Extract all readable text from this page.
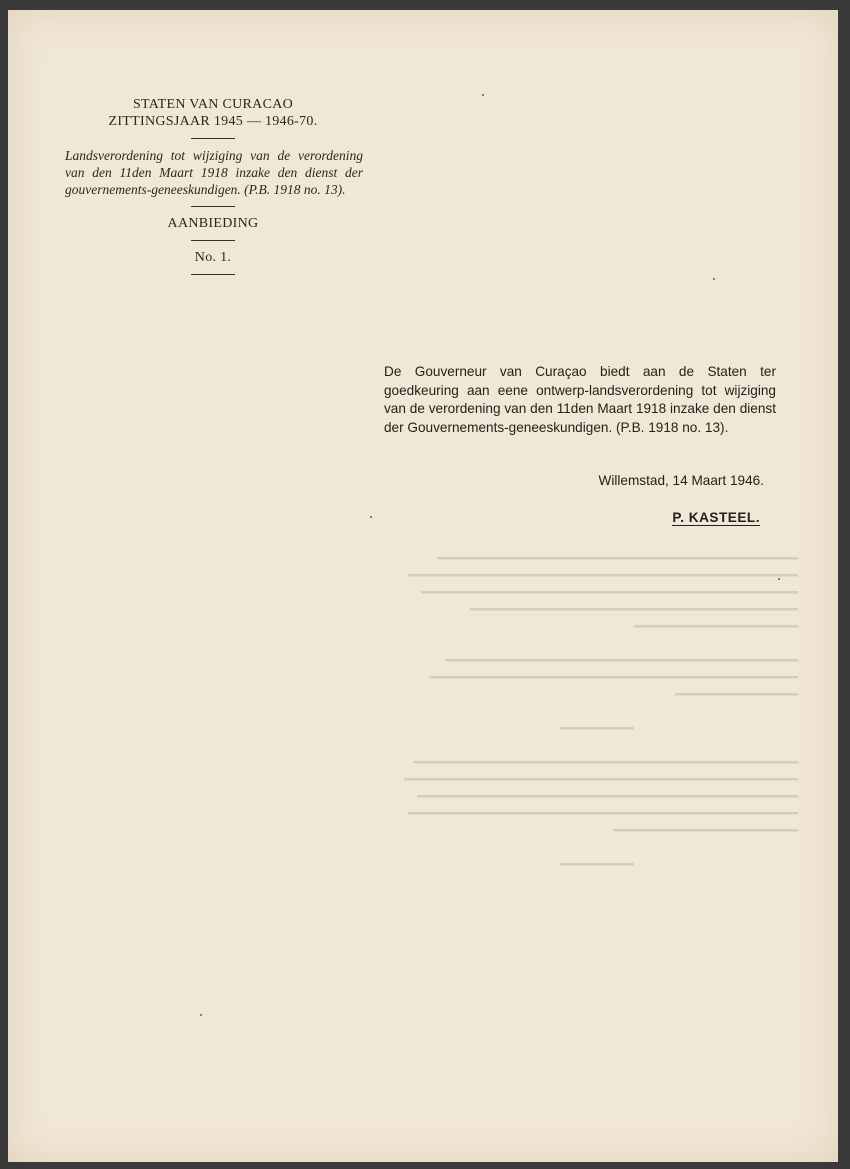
STATEN VAN CURACAO
ZITTINGSJAAR 1945 — 1946-70.
Landsverordening tot wijziging van de verordening van den 11den Maart 1918 inzake den dienst der gouvernements-geneeskundigen. (P.B. 1918 no. 13).
AANBIEDING
No. 1.
De Gouverneur van Curaçao biedt aan de Staten ter goedkeuring aan eene ontwerp-landsverordening tot wijziging van de verordening van den 11den Maart 1918 inzake den dienst der Gouvernements-geneeskundigen. (P.B. 1918 no. 13).
Willemstad, 14 Maart 1946.
P. KASTEEL.
